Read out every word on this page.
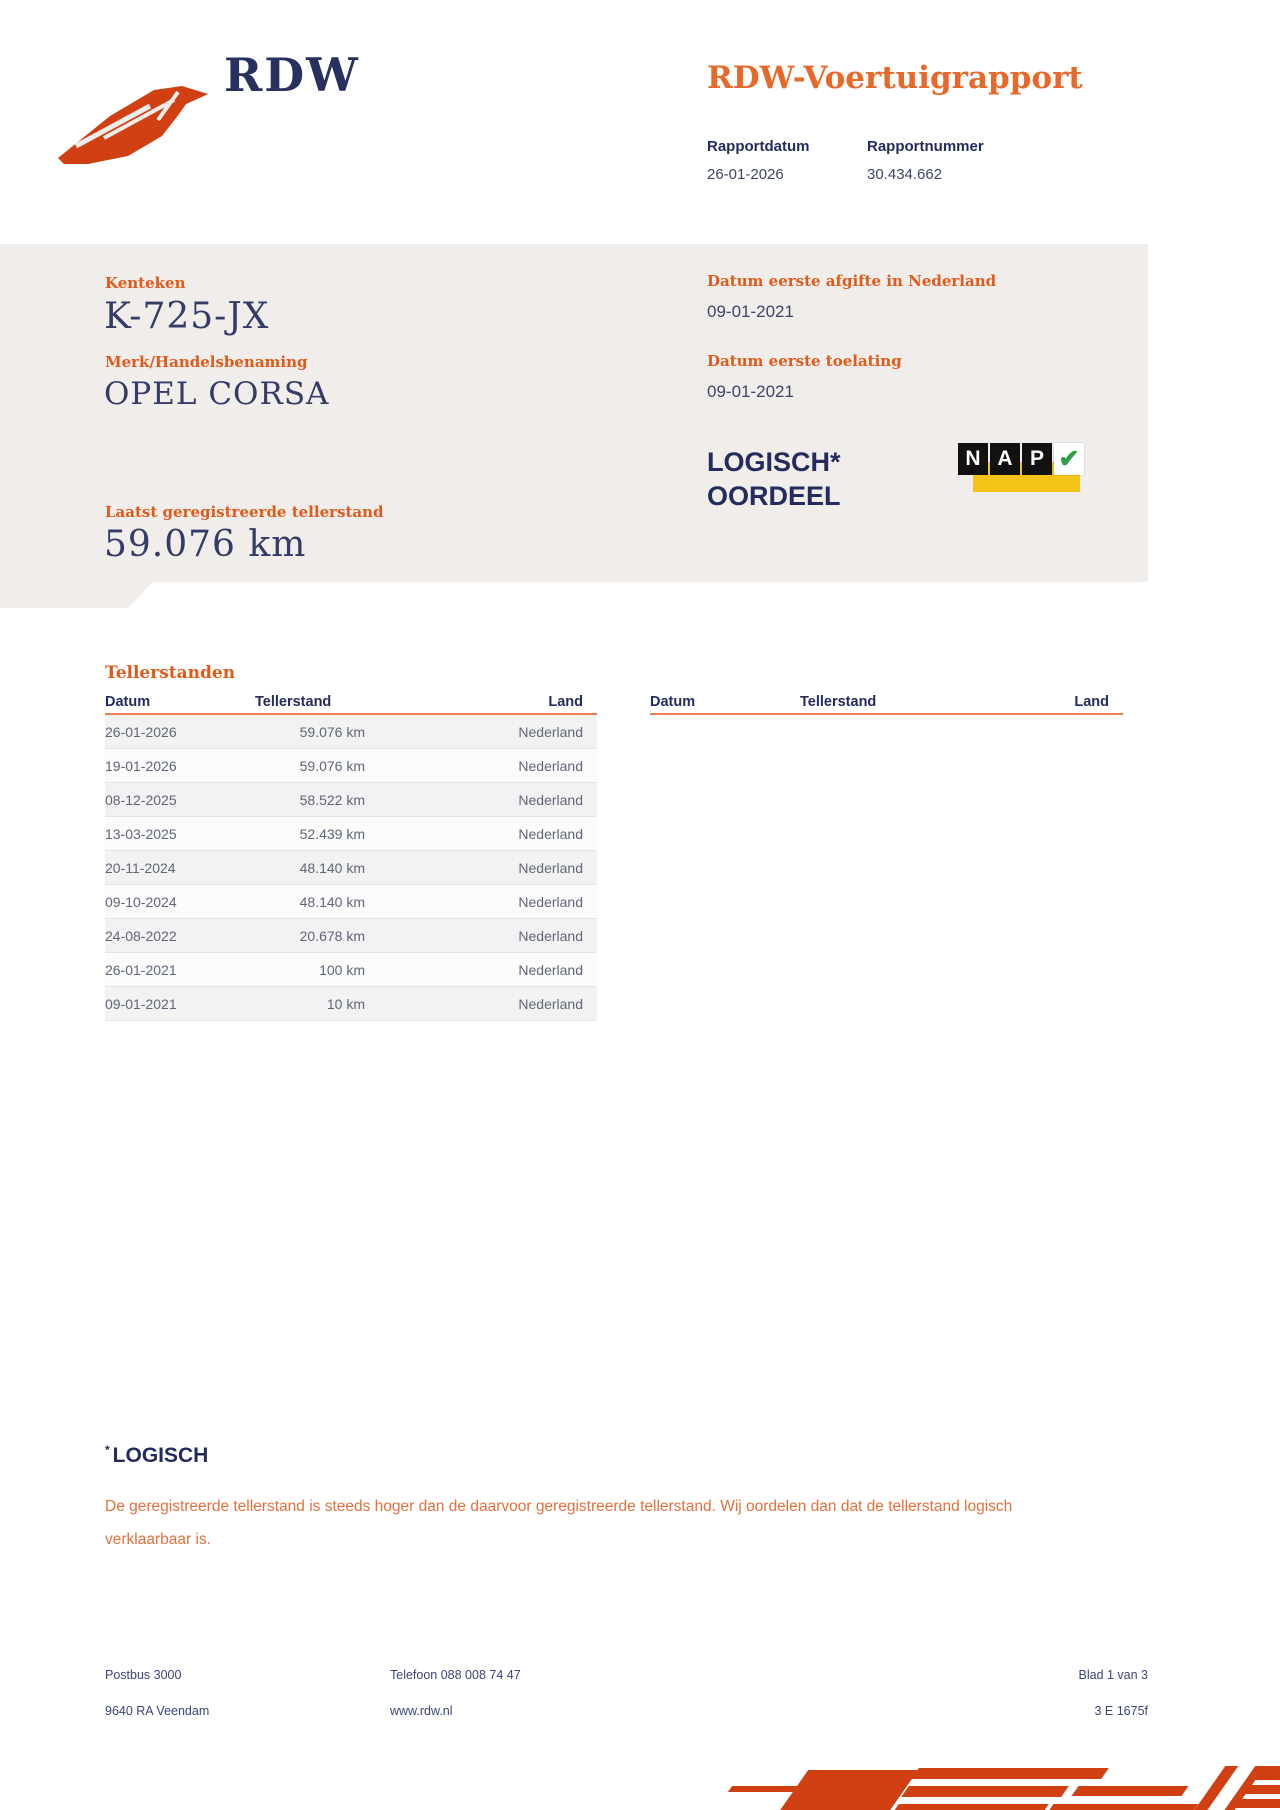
RDW	RDW-Voertuigrapport
Rapportdatum	Rapportnummer
26-01-2026	30.434.662
Kenteken
K-725-JX
Merk/Handelsbenaming
OPEL CORSA
Datum eerste afgifte in Nederland
09-01-2021
Datum eerste toelating
09-01-2021
LOGISCH*
OORDEEL
N A P ✔
Laatst geregistreerde tellerstand
59.076 km
Tellerstanden
Datum	Tellerstand	Land
26-01-2026	59.076 km	Nederland
19-01-2026	59.076 km	Nederland
08-12-2025	58.522 km	Nederland
13-03-2025	52.439 km	Nederland
20-11-2024	48.140 km	Nederland
09-10-2024	48.140 km	Nederland
24-08-2022	20.678 km	Nederland
26-01-2021	100 km	Nederland
09-01-2021	10 km	Nederland
Datum	Tellerstand	Land
* LOGISCH
De geregistreerde tellerstand is steeds hoger dan de daarvoor geregistreerde tellerstand. Wij oordelen dan dat de tellerstand logisch verklaarbaar is.
Postbus 3000
9640 RA Veendam
Telefoon 088 008 74 47
www.rdw.nl
Blad 1 van 3
3 E 1675f
